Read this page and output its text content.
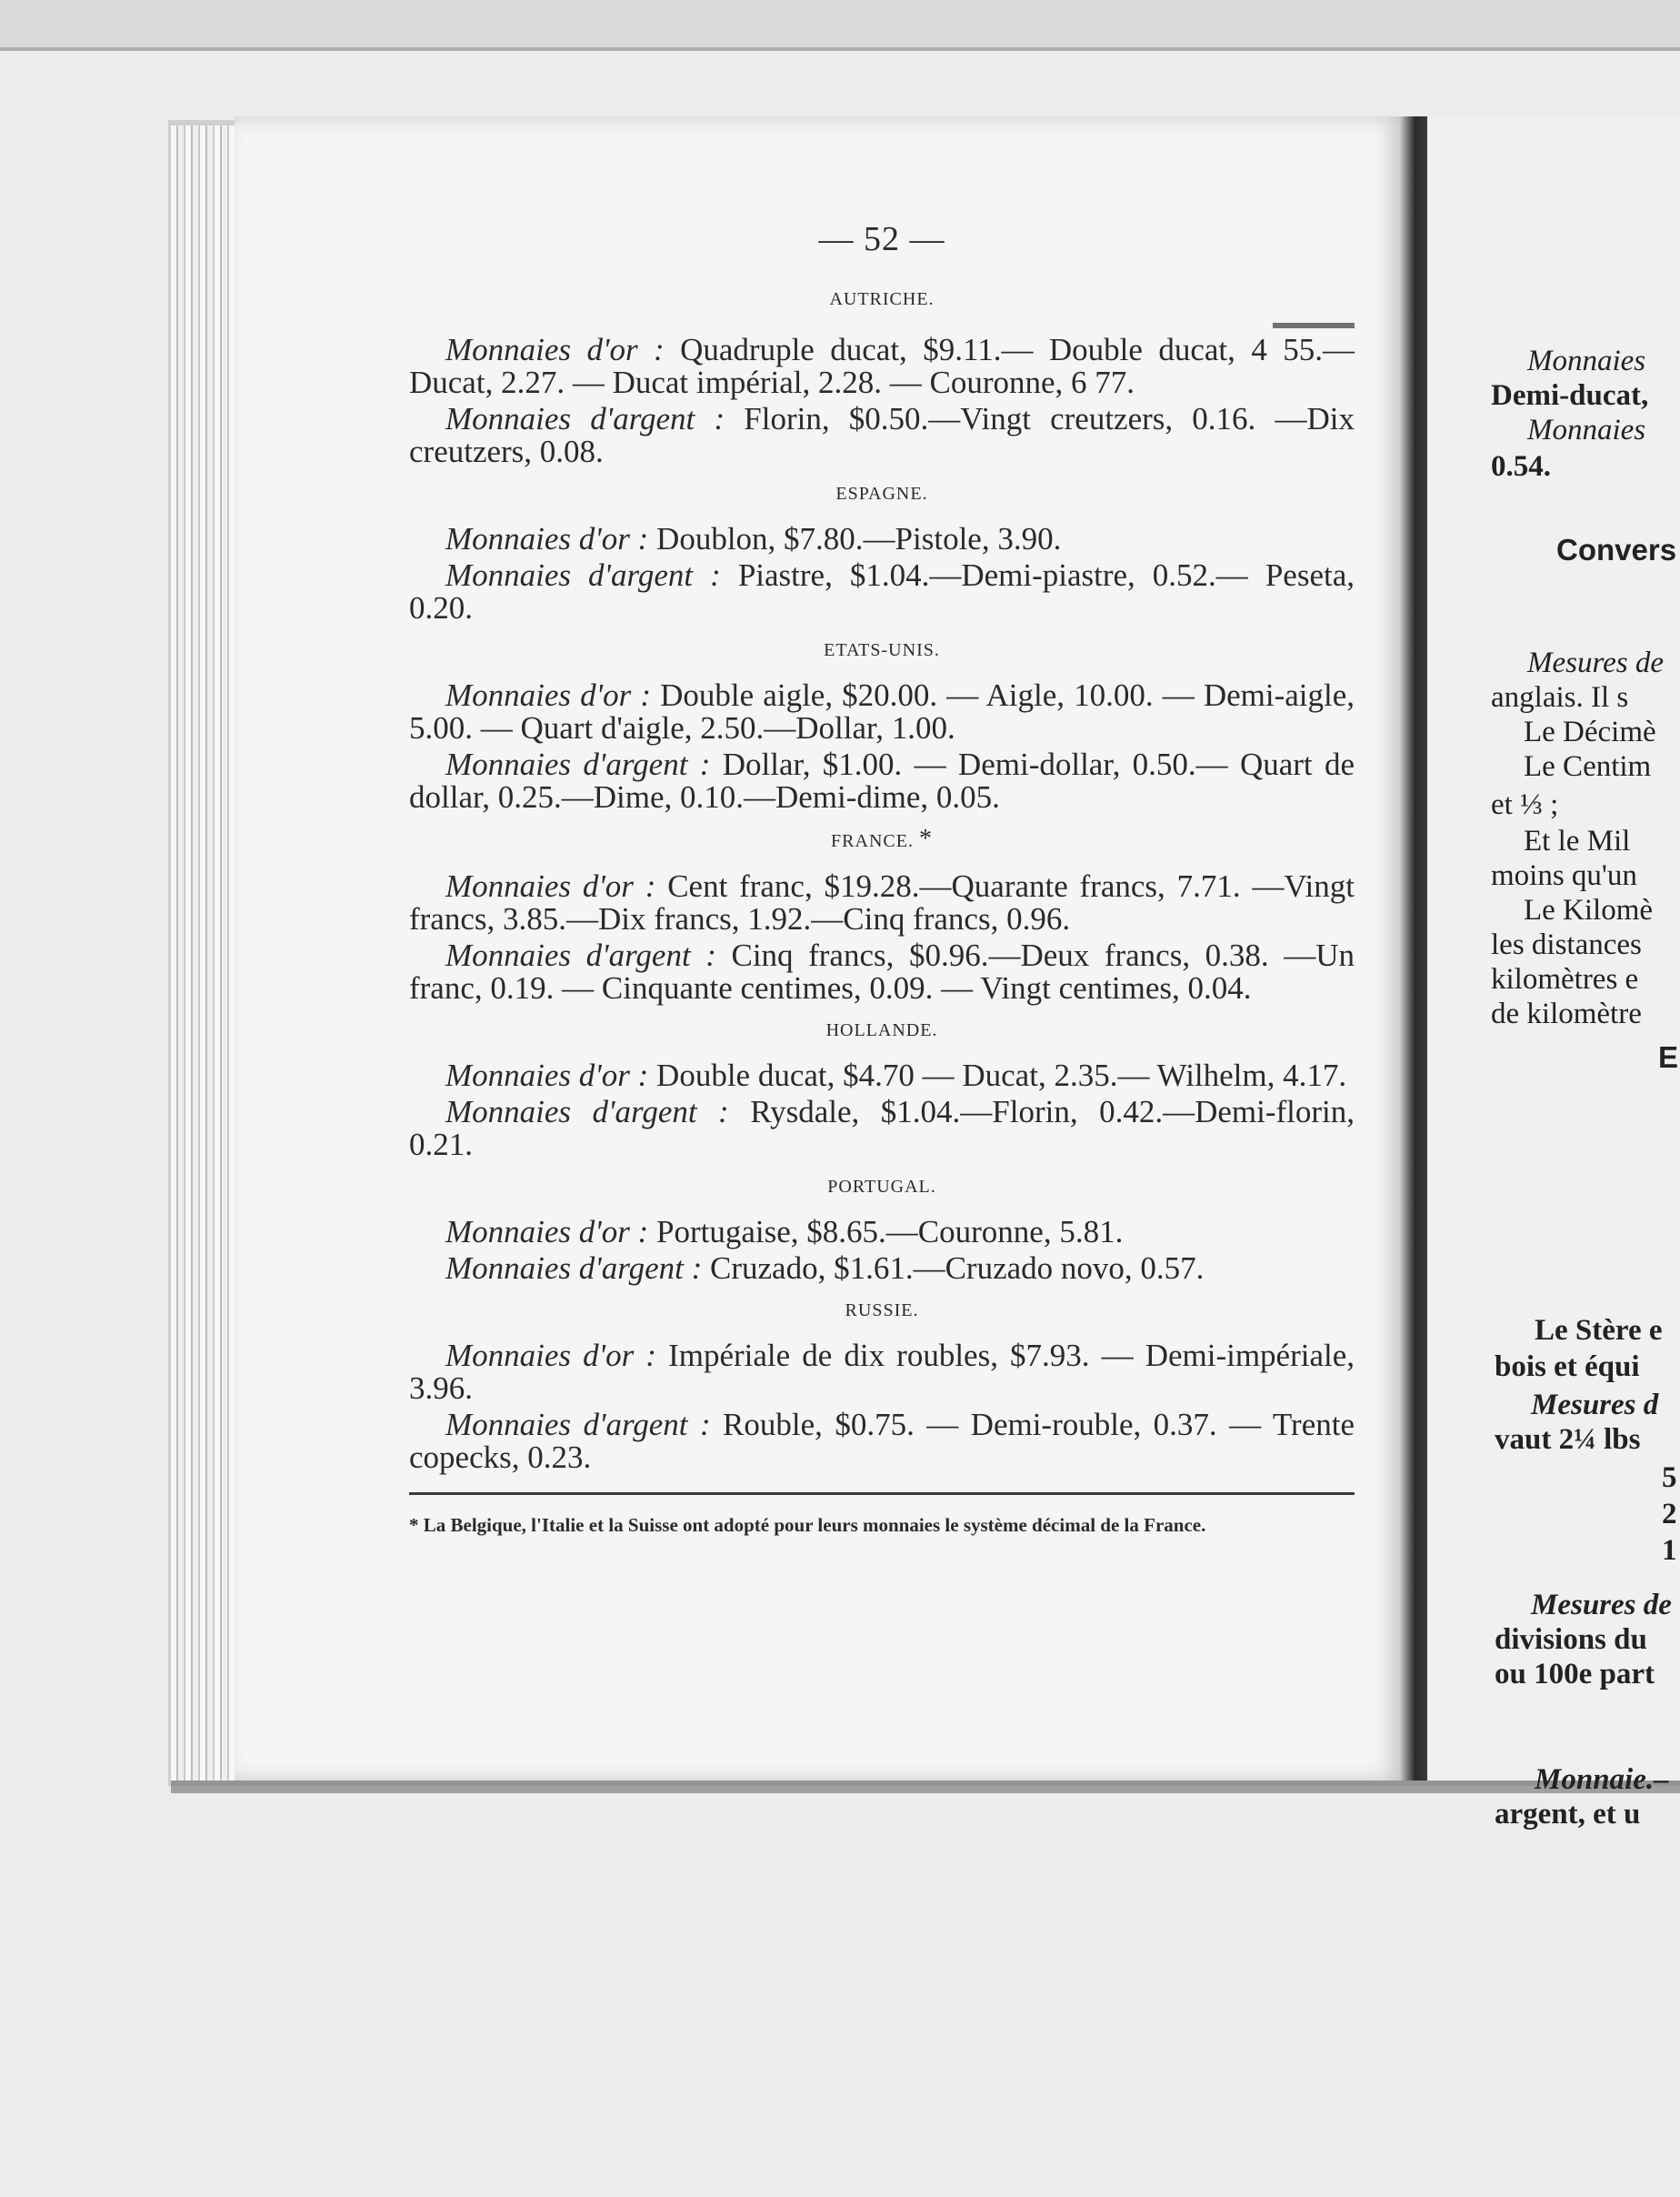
— 52 —
AUTRICHE.

Monnaies d'or : Quadruple ducat, $9.11.— Double ducat, 4 55.— Ducat, 2.27. — Ducat impérial, 2.28. — Couronne, 6 77.

Monnaies d'argent : Florin, $0.50.—Vingt creutzers, 0.16. —Dix creutzers, 0.08.

ESPAGNE.

Monnaies d'or : Doublon, $7.80.—Pistole, 3.90.

Monnaies d'argent : Piastre, $1.04.—Demi-piastre, 0.52.— Peseta, 0.20.

ETATS-UNIS.

Monnaies d'or : Double aigle, $20.00. — Aigle, 10.00. — Demi-aigle, 5.00. — Quart d'aigle, 2.50.—Dollar, 1.00.

Monnaies d'argent : Dollar, $1.00. — Demi-dollar, 0.50.— Quart de dollar, 0.25.—Dime, 0.10.—Demi-dime, 0.05.

FRANCE. *

Monnaies d'or : Cent franc, $19.28.—Quarante francs, 7.71. —Vingt francs, 3.85.—Dix francs, 1.92.—Cinq francs, 0.96.

Monnaies d'argent : Cinq francs, $0.96.—Deux francs, 0.38. —Un franc, 0.19. — Cinquante centimes, 0.09. — Vingt centimes, 0.04.

HOLLANDE.

Monnaies d'or : Double ducat, $4.70 — Ducat, 2.35.— Wilhelm, 4.17.

Monnaies d'argent : Rysdale, $1.04.—Florin, 0.42.—Demi-florin, 0.21.

PORTUGAL.

Monnaies d'or : Portugaise, $8.65.—Couronne, 5.81.

Monnaies d'argent : Cruzado, $1.61.—Cruzado novo, 0.57.

RUSSIE.

Monnaies d'or : Impériale de dix roubles, $7.93. — Demi-impériale, 3.96.

Monnaies d'argent : Rouble, $0.75. — Demi-rouble, 0.37. — Trente copecks, 0.23.

* La Belgique, l'Italie et la Suisse ont adopté pour leurs monnaies le système décimal de la France.

Monnaies
Demi-ducat,
Monnaies
0.54.
Convers
Mesures de
anglais. Il s
Le Décimè
Le Centim
et ⅓ ;
Et le Mil
moins qu'un
Le Kilomè
les distances
kilomètres e
de kilomètre
E
Le Stère e
bois et équi
Mesures d
vaut 2¼ lbs
5
2
1
Mesures de
divisions du
ou 100e part
Monnaie.–
argent, et u
